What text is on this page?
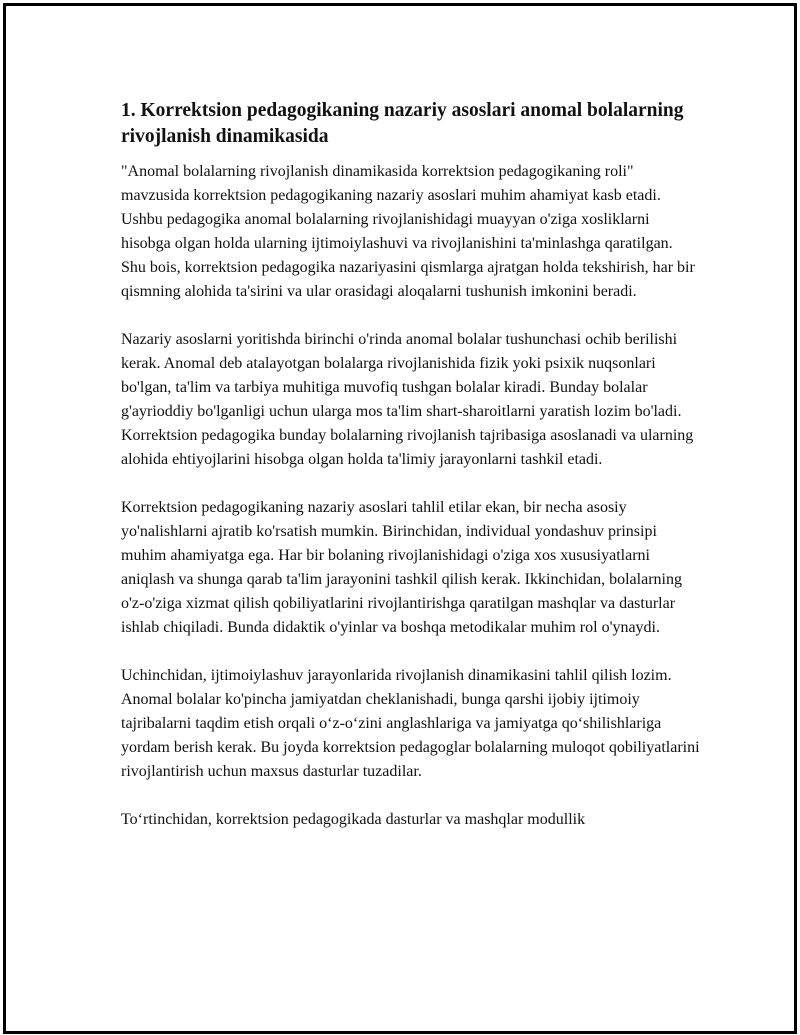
1. Korrektsion pedagogikaning nazariy asoslari anomal bolalarning rivojlanish dinamikasida

"Anomal bolalarning rivojlanish dinamikasida korrektsion pedagogikaning roli" mavzusida korrektsion pedagogikaning nazariy asoslari muhim ahamiyat kasb etadi. Ushbu pedagogika anomal bolalarning rivojlanishidagi muayyan o'ziga xosliklarni hisobga olgan holda ularning ijtimoiylashuvi va rivojlanishini ta'minlashga qaratilgan. Shu bois, korrektsion pedagogika nazariyasini qismlarga ajratgan holda tekshirish, har bir qismning alohida ta'sirini va ular orasidagi aloqalarni tushunish imkonini beradi.

Nazariy asoslarni yoritishda birinchi o'rinda anomal bolalar tushunchasi ochib berilishi kerak. Anomal deb atalayotgan bolalarga rivojlanishida fizik yoki psixik nuqsonlari bo'lgan, ta'lim va tarbiya muhitiga muvofiq tushgan bolalar kiradi. Bunday bolalar g'ayrioddiy bo'lganligi uchun ularga mos ta'lim shart-sharoitlarni yaratish lozim bo'ladi. Korrektsion pedagogika bunday bolalarning rivojlanish tajribasiga asoslanadi va ularning alohida ehtiyojlarini hisobga olgan holda ta'limiy jarayonlarni tashkil etadi.

Korrektsion pedagogikaning nazariy asoslari tahlil etilar ekan, bir necha asosiy yo'nalishlarni ajratib ko'rsatish mumkin. Birinchidan, individual yondashuv prinsipi muhim ahamiyatga ega. Har bir bolaning rivojlanishidagi o'ziga xos xususiyatlarni aniqlash va shunga qarab ta'lim jarayonini tashkil qilish kerak. Ikkinchidan, bolalarning o'z-o'ziga xizmat qilish qobiliyatlarini rivojlantirishga qaratilgan mashqlar va dasturlar ishlab chiqiladi. Bunda didaktik o'yinlar va boshqa metodikalar muhim rol o'ynaydi.

Uchinchidan, ijtimoiylashuv jarayonlarida rivojlanish dinamikasini tahlil qilish lozim. Anomal bolalar ko'pincha jamiyatdan cheklanishadi, bunga qarshi ijobiy ijtimoiy tajribalarni taqdim etish orqali o‘z-o‘zini anglashlariga va jamiyatga qo‘shilishlariga yordam berish kerak. Bu joyda korrektsion pedagoglar bolalarning muloqot qobiliyatlarini rivojlantirish uchun maxsus dasturlar tuzadilar.

To‘rtinchidan, korrektsion pedagogikada dasturlar va mashqlar modullik
